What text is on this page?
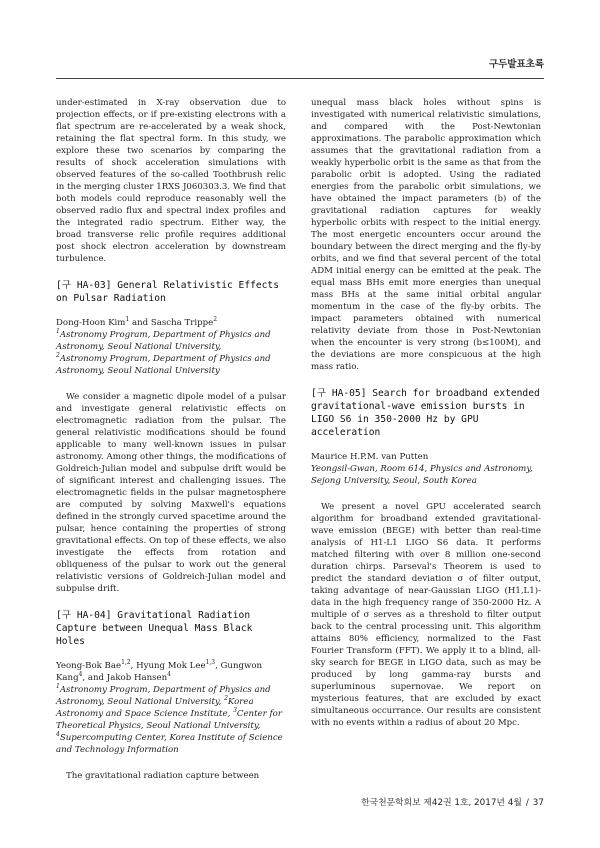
구두발표초록

under-estimated in X-ray observation due to projection effects, or if pre-existing electrons with a flat spectrum are re-accelerated by a weak shock, retaining the flat spectral form. In this study, we explore these two scenarios by comparing the results of shock acceleration simulations with observed features of the so-called Toothbrush relic in the merging cluster 1RXS J060303.3. We find that both models could reproduce reasonably well the observed radio flux and spectral index profiles and the integrated radio spectrum. Either way, the broad transverse relic profile requires additional post shock electron acceleration by downstream turbulence.

[구 HA-03] General Relativistic Effects on Pulsar Radiation

Dong-Hoon Kim$^1$ and Sascha Trippe$^2$

$^1$Astronomy Program, Department of Physics and Astronomy, Seoul National University,

$^2$Astronomy Program, Department of Physics and Astronomy, Seoul National University

We consider a magnetic dipole model of a pulsar and investigate general relativistic effects on electromagnetic radiation from the pulsar. The general relativistic modifications should be found applicable to many well-known issues in pulsar astronomy. Among other things, the modifications of Goldreich-Julian model and subpulse drift would be of significant interest and challenging issues. The electromagnetic fields in the pulsar magnetosphere are computed by solving Maxwell's equations defined in the strongly curved spacetime around the pulsar, hence containing the properties of strong gravitational effects. On top of these effects, we also investigate the effects from rotation and obliqueness of the pulsar to work out the general relativistic versions of Goldreich-Julian model and subpulse drift.

[구 HA-04] Gravitational Radiation Capture between Unequal Mass Black Holes

Yeong-Bok Bae$^{1,2}$, Hyung Mok Lee$^{1,3}$, Gungwon Kang$^4$, and Jakob Hansen$^4$

$^1$Astronomy Program, Department of Physics and Astronomy, Seoul National University, $^2$Korea Astronomy and Space Science Institute, $^3$Center for Theoretical Physics, Seoul National University, $^4$Supercomputing Center, Korea Institute of Science and Technology Information

The gravitational radiation capture between

unequal mass black holes without spins is investigated with numerical relativistic simulations, and compared with the Post-Newtonian approximations. The parabolic approximation which assumes that the gravitational radiation from a weakly hyperbolic orbit is the same as that from the parabolic orbit is adopted. Using the radiated energies from the parabolic orbit simulations, we have obtained the impact parameters (b) of the gravitational radiation captures for weakly hyperbolic orbits with respect to the initial energy. The most energetic encounters occur around the boundary between the direct merging and the fly-by orbits, and we find that several percent of the total ADM initial energy can be emitted at the peak. The equal mass BHs emit more energies than unequal mass BHs at the same initial orbital angular momentum in the case of the fly-by orbits. The impact parameters obtained with numerical relativity deviate from those in Post-Newtonian when the encounter is very strong (b≤100M), and the deviations are more conspicuous at the high mass ratio.

[구 HA-05] Search for broadband extended gravitational-wave emission bursts in LIGO S6 in 350-2000 Hz by GPU acceleration

Maurice H.P.M. van Putten

Yeongsil-Gwan, Room 614, Physics and Astronomy, Sejong University, Seoul, South Korea

We present a novel GPU accelerated search algorithm for broadband extended gravitational-wave emission (BEGE) with better than real-time analysis of H1-L1 LIGO S6 data. It performs matched filtering with over 8 million one-second duration chirps. Parseval's Theorem is used to predict the standard deviation σ of filter output, taking advantage of near-Gaussian LIGO (H1,L1)-data in the high frequency range of 350-2000 Hz. A multiple of σ serves as a threshold to filter output back to the central processing unit. This algorithm attains 80% efficiency, normalized to the Fast Fourier Transform (FFT). We apply it to a blind, all-sky search for BEGE in LIGO data, such as may be produced by long gamma-ray bursts and superluminous supernovae. We report on mysterious features, that are excluded by exact simultaneous occurrance. Our results are consistent with no events within a radius of about 20 Mpc.

한국천문학회보 제42권 1호, 2017년 4월 / 37
